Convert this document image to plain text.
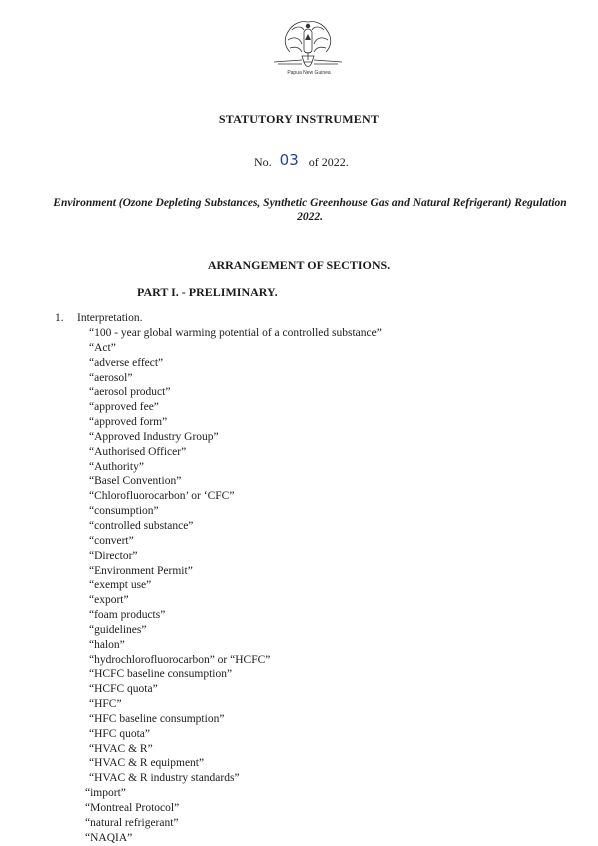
Papua New Guinea
STATUTORY INSTRUMENT
No. 03 of 2022.
Environment (Ozone Depleting Substances, Synthetic Greenhouse Gas and Natural Refrigerant) Regulation 2022.
ARRANGEMENT OF SECTIONS.
PART I. - PRELIMINARY.
1. Interpretation.
“100 - year global warming potential of a controlled substance”
“Act”
“adverse effect”
“aerosol”
“aerosol product”
“approved fee”
“approved form”
“Approved Industry Group”
“Authorised Officer”
“Authority”
“Basel Convention”
“Chlorofluorocarbon’ or ‘CFC”
“consumption”
“controlled substance”
“convert”
“Director”
“Environment Permit”
“exempt use”
“export”
“foam products”
“guidelines”
“halon”
“hydrochlorofluorocarbon” or “HCFC”
“HCFC baseline consumption”
“HCFC quota”
“HFC”
“HFC baseline consumption”
“HFC quota”
“HVAC & R”
“HVAC & R equipment”
“HVAC & R industry standards”
“import”
“Montreal Protocol”
“natural refrigerant”
“NAQIA”
